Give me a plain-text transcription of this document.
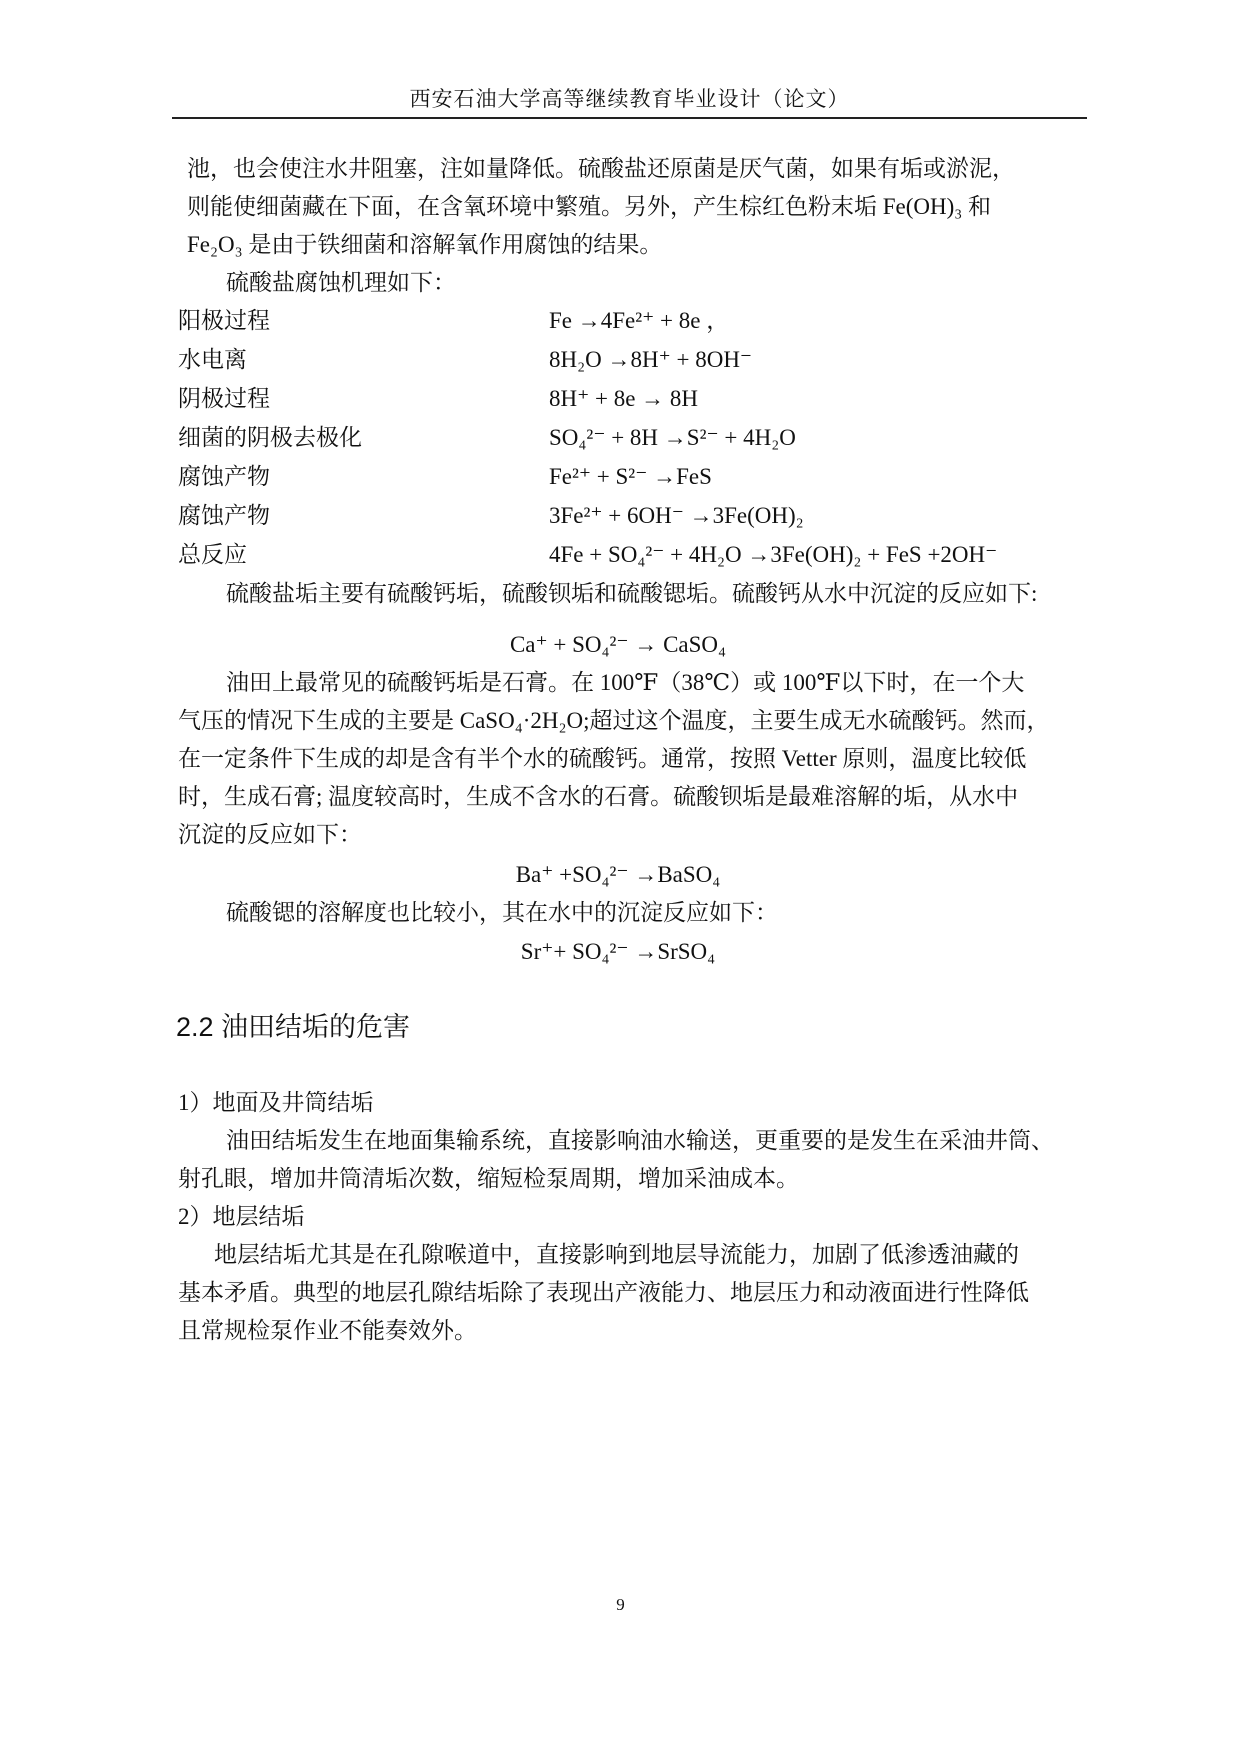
西安石油大学高等继续教育毕业设计（论文）
池，也会使注水井阻塞，注如量降低。硫酸盐还原菌是厌气菌，如果有垢或淤泥，
则能使细菌藏在下面，在含氧环境中繁殖。另外，产生棕红色粉末垢 Fe(OH)₃ 和
Fe₂O₃ 是由于铁细菌和溶解氧作用腐蚀的结果。
硫酸盐腐蚀机理如下：
阳极过程	Fe →4Fe²⁺ + 8e ，
水电离	8H₂O →8H⁺ + 8OH⁻
阴极过程	8H⁺ + 8e → 8H
细菌的阴极去极化	SO₄²⁻ + 8H →S²⁻ + 4H₂O
腐蚀产物	Fe²⁺ + S²⁻ →FeS
腐蚀产物	3Fe²⁺ + 6OH⁻ →3Fe(OH)₂
总反应	4Fe + SO₄²⁻ + 4H₂O →3Fe(OH)₂ + FeS +2OH⁻
硫酸盐垢主要有硫酸钙垢，硫酸钡垢和硫酸锶垢。硫酸钙从水中沉淀的反应如下:
Ca⁺ + SO₄²⁻ → CaSO₄
油田上最常见的硫酸钙垢是石膏。在 100℉（38℃）或 100℉以下时，在一个大
气压的情况下生成的主要是 CaSO₄·2H₂O;超过这个温度，主要生成无水硫酸钙。然而，
在一定条件下生成的却是含有半个水的硫酸钙。通常，按照 Vetter 原则，温度比较低
时，生成石膏; 温度较高时，生成不含水的石膏。硫酸钡垢是最难溶解的垢，从水中
沉淀的反应如下：
Ba⁺ +SO₄²⁻ →BaSO₄
硫酸锶的溶解度也比较小，其在水中的沉淀反应如下：
Sr⁺+ SO₄²⁻ →SrSO₄
2.2 油田结垢的危害
1）地面及井筒结垢
油田结垢发生在地面集输系统，直接影响油水输送，更重要的是发生在采油井筒、
射孔眼，增加井筒清垢次数，缩短检泵周期，增加采油成本。
2）地层结垢
地层结垢尤其是在孔隙喉道中，直接影响到地层导流能力，加剧了低渗透油藏的
基本矛盾。典型的地层孔隙结垢除了表现出产液能力、地层压力和动液面进行性降低
且常规检泵作业不能奏效外。
9
